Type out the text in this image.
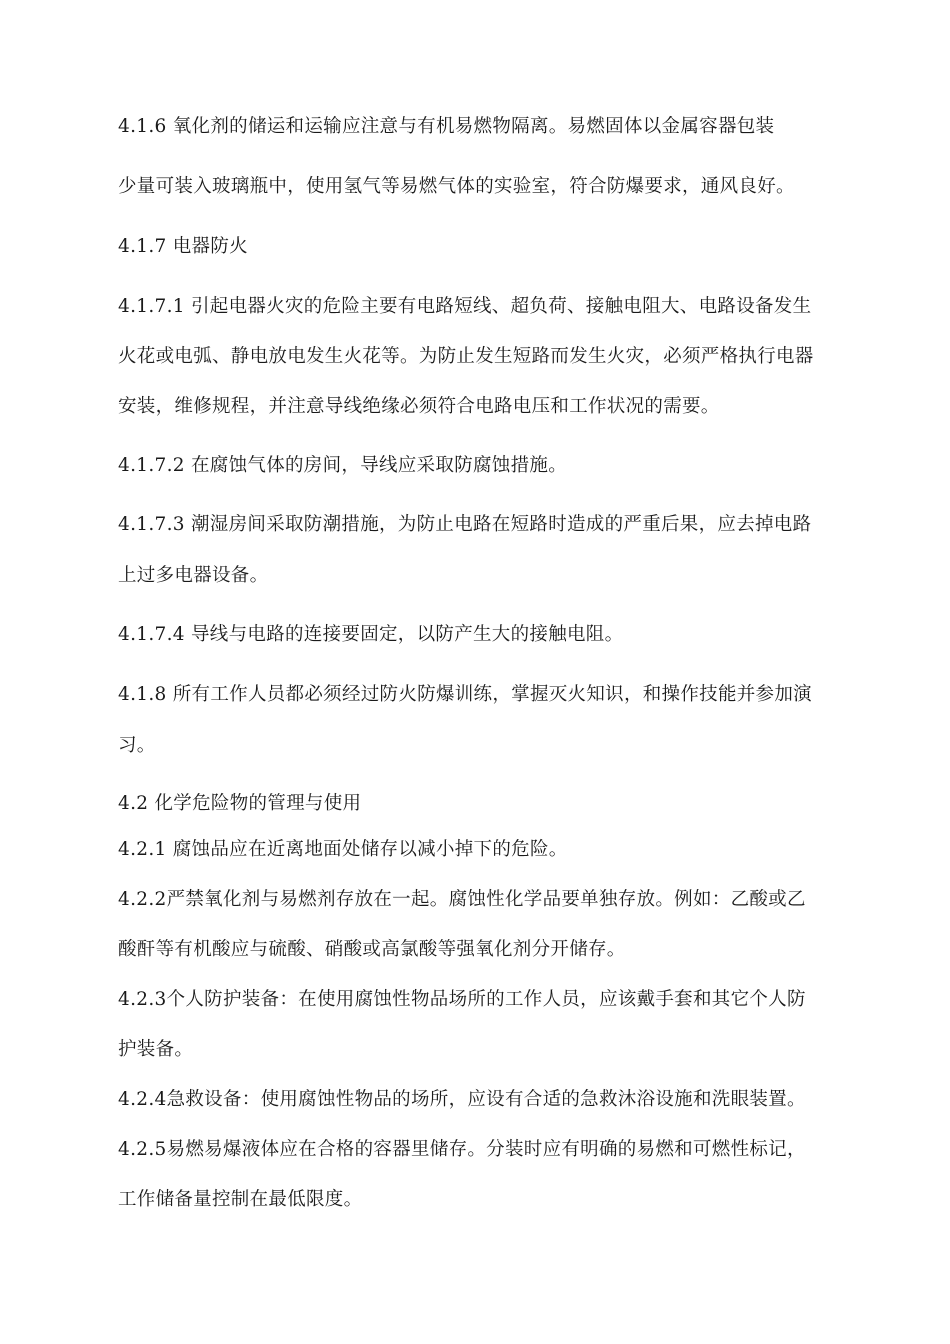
4.1.6 氧化剂的储运和运输应注意与有机易燃物隔离。易燃固体以金属容器包装
少量可装入玻璃瓶中，使用氢气等易燃气体的实验室，符合防爆要求，通风良好。
4.1.7 电器防火
4.1.7.1 引起电器火灾的危险主要有电路短线、超负荷、接触电阻大、电路设备发生
火花或电弧、静电放电发生火花等。为防止发生短路而发生火灾，必须严格执行电器
安装，维修规程，并注意导线绝缘必须符合电路电压和工作状况的需要。
4.1.7.2 在腐蚀气体的房间，导线应采取防腐蚀措施。
4.1.7.3 潮湿房间采取防潮措施，为防止电路在短路时造成的严重后果，应去掉电路
上过多电器设备。
4.1.7.4 导线与电路的连接要固定，以防产生大的接触电阻。
4.1.8 所有工作人员都必须经过防火防爆训练，掌握灭火知识，和操作技能并参加演
习。
4.2 化学危险物的管理与使用
4.2.1 腐蚀品应在近离地面处储存以减小掉下的危险。
4.2.2严禁氧化剂与易燃剂存放在一起。腐蚀性化学品要单独存放。例如：乙酸或乙
酸酐等有机酸应与硫酸、硝酸或高氯酸等强氧化剂分开储存。
4.2.3个人防护装备：在使用腐蚀性物品场所的工作人员，应该戴手套和其它个人防
护装备。
4.2.4急救设备：使用腐蚀性物品的场所，应设有合适的急救沐浴设施和洗眼装置。
4.2.5易燃易爆液体应在合格的容器里储存。分装时应有明确的易燃和可燃性标记，
工作储备量控制在最低限度。
